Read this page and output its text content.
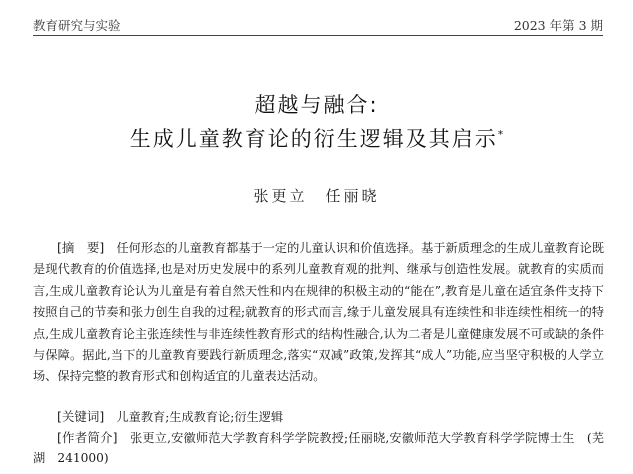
教育研究与实验	2023 年第 3 期
超越与融合:
生成儿童教育论的衍生逻辑及其启示*
张更立 任丽晓
[摘　要]　 任何形态的儿童教育都基于一定的儿童认识和价值选择。基于新质理念的生成儿童教育论既是现代教育的价值选择,也是对历史发展中的系列儿童教育观的批判、继承与创造性发展。就教育的实质而言,生成儿童教育论认为儿童是有着自然天性和内在规律的积极主动的“能在”,教育是儿童在适宜条件支持下按照自己的节奏和张力创生自我的过程;就教育的形式而言,缘于儿童发展具有连续性和非连续性相统一的特点,生成儿童教育论主张连续性与非连续性教育形式的结构性融合,认为二者是儿童健康发展不可或缺的条件与保障。据此,当下的儿童教育要践行新质理念,落实“双减”政策,发挥其“成人”功能,应当坚守积极的人学立场、保持完整的教育形式和创构适宜的儿童表达活动。
[关键词]　 儿童教育;生成教育论;衍生逻辑
[作者简介]　 张更立,安徽师范大学教育科学学院教授;任丽晓,安徽师范大学教育科学学院博士生　(芜湖　241000)
